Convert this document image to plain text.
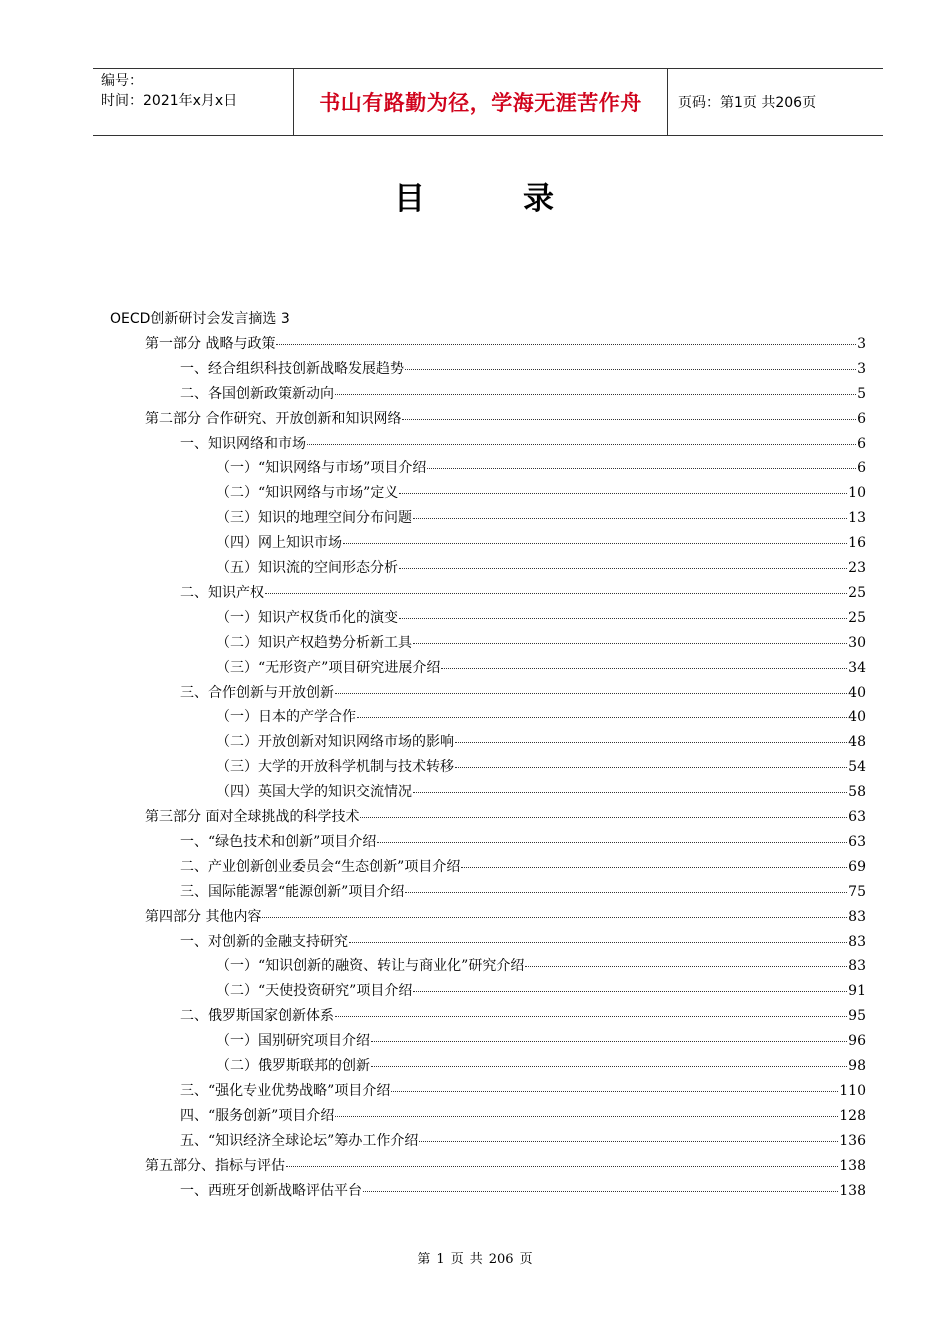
编号：
时间：2021年x月x日	书山有路勤为径，学海无涯苦作舟	页码：第1页 共206页
目	录
OECD创新研讨会发言摘选 3
第一部分 战略与政策	3
一、经合组织科技创新战略发展趋势	3
二、各国创新政策新动向	5
第二部分 合作研究、开放创新和知识网络	6
一、知识网络和市场	6
（一）“知识网络与市场”项目介绍	6
（二）“知识网络与市场”定义	10
（三）知识的地理空间分布问题	13
（四）网上知识市场	16
（五）知识流的空间形态分析	23
二、知识产权	25
（一）知识产权货币化的演变	25
（二）知识产权趋势分析新工具	30
（三）“无形资产”项目研究进展介绍	34
三、合作创新与开放创新	40
（一）日本的产学合作	40
（二）开放创新对知识网络市场的影响	48
（三）大学的开放科学机制与技术转移	54
（四）英国大学的知识交流情况	58
第三部分 面对全球挑战的科学技术	63
一、“绿色技术和创新”项目介绍	63
二、产业创新创业委员会“生态创新”项目介绍	69
三、国际能源署“能源创新”项目介绍	75
第四部分 其他内容	83
一、对创新的金融支持研究	83
（一）“知识创新的融资、转让与商业化”研究介绍	83
（二）“天使投资研究”项目介绍	91
二、俄罗斯国家创新体系	95
（一）国别研究项目介绍	96
（二）俄罗斯联邦的创新	98
三、“强化专业优势战略”项目介绍	110
四、“服务创新”项目介绍	128
五、“知识经济全球论坛”筹办工作介绍	136
第五部分、指标与评估	138
一、西班牙创新战略评估平台	138
第 1 页 共 206 页
